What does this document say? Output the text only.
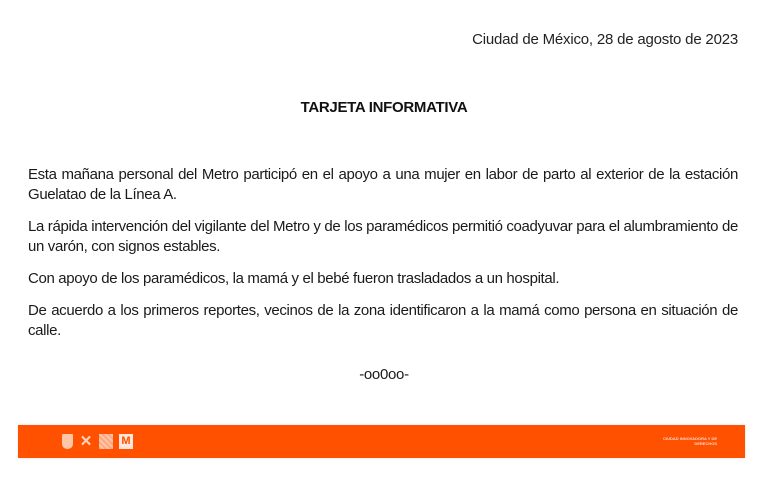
Ciudad de México, 28 de agosto de 2023
TARJETA INFORMATIVA

Esta mañana personal del Metro participó en el apoyo a una mujer en labor de parto al exterior de la estación Guelatao de la Línea A.

La rápida intervención del vigilante del Metro y de los paramédicos permitió coadyuvar para el alumbramiento de un varón, con signos estables.

Con apoyo de los paramédicos, la mamá y el bebé fueron trasladados a un hospital.

De acuerdo a los primeros reportes, vecinos de la zona identificaron a la mamá como persona en situación de calle.

-oo0oo-
✕	M	CIUDAD INNOVADORA Y DE DERECHOS
